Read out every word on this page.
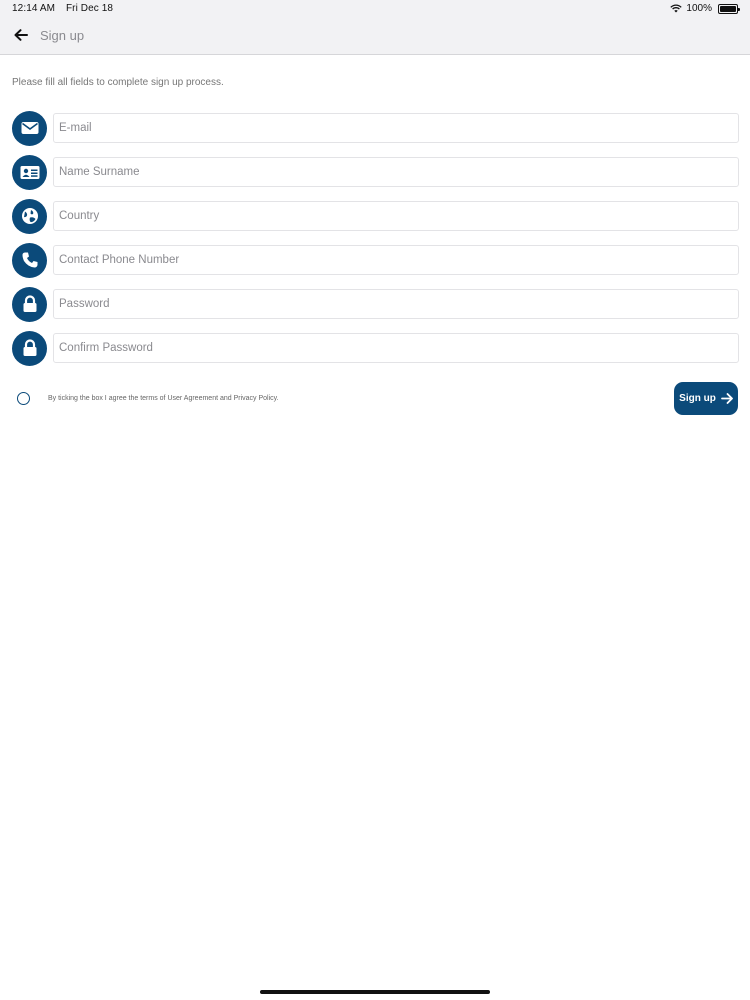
12:14 AM Fri Dec 18	100%
Sign up
Please fill all fields to complete sign up process.
E-mail
Name Surname
Country
Contact Phone Number
By ticking the box I agree the terms of User Agreement and Privacy Policy.	Sign up
